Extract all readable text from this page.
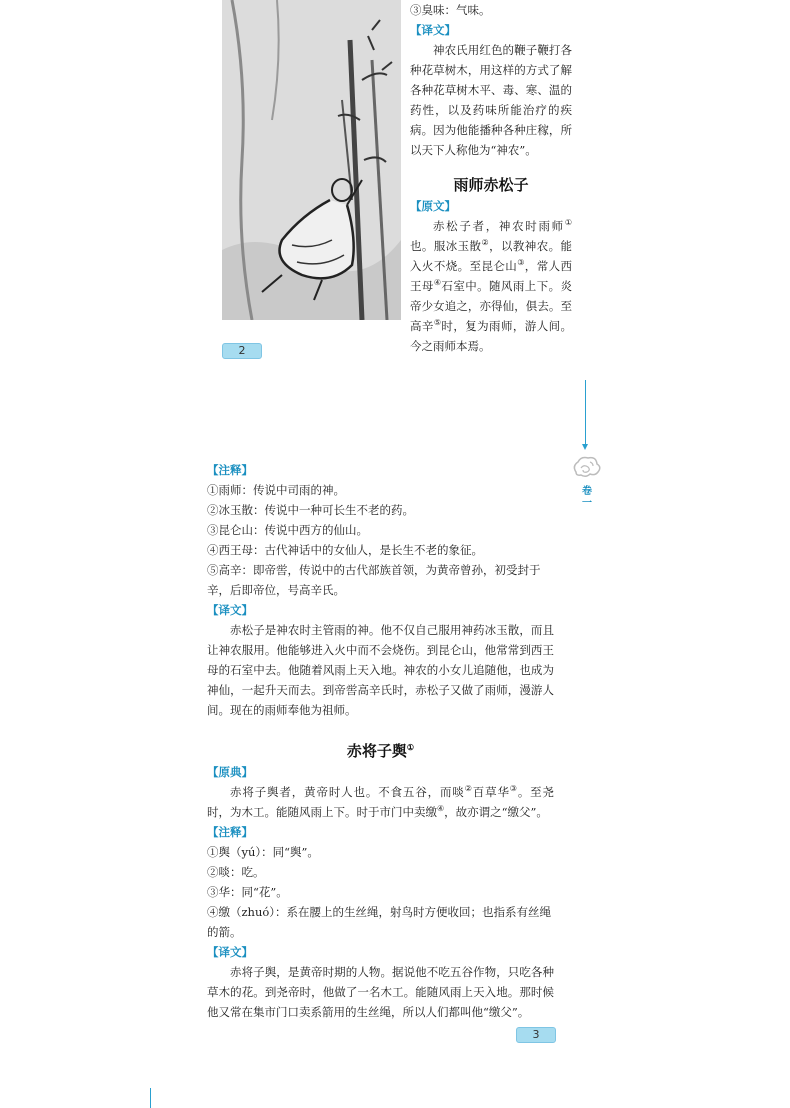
③臭味：气味。

【译文】

神农氏用红色的鞭子鞭打各种花草树木，用这样的方式了解各种花草树木平、毒、寒、温的药性，以及药味所能治疗的疾病。因为他能播种各种庄稼，所以天下人称他为“神农”。

雨师赤松子

【原文】

赤松子者，神农时雨师①也。服冰玉散②，以教神农。能入火不烧。至昆仑山③，常人西王母④石室中。随风雨上下。炎帝少女追之，亦得仙，俱去。至高辛⑤时，复为雨师，游人间。今之雨师本焉。

2
卷一
【注释】

①雨师：传说中司雨的神。

②冰玉散：传说中一种可长生不老的药。

③昆仑山：传说中西方的仙山。

④西王母：古代神话中的女仙人，是长生不老的象征。

⑤高辛：即帝喾，传说中的古代部族首领，为黄帝曾孙，初受封于辛，后即帝位，号高辛氏。

【译文】

赤松子是神农时主管雨的神。他不仅自己服用神药冰玉散，而且让神农服用。他能够进入火中而不会烧伤。到昆仑山，他常常到西王母的石室中去。他随着风雨上天入地。神农的小女儿追随他，也成为神仙，一起升天而去。到帝喾高辛氏时，赤松子又做了雨师，漫游人间。现在的雨师奉他为祖师。

赤将子舆①

【原典】

赤将子舆者，黄帝时人也。不食五谷，而啖②百草华③。至尧时，为木工。能随风雨上下。时于市门中卖缴④，故亦谓之“缴父”。

【注释】

①舆（yú）：同“舆”。

②啖：吃。

③华：同“花”。

④缴（zhuó）：系在腰上的生丝绳，射鸟时方便收回；也指系有丝绳的箭。

【译文】

赤将子舆，是黄帝时期的人物。据说他不吃五谷作物，只吃各种草木的花。到尧帝时，他做了一名木工。能随风雨上天入地。那时候他又常在集市门口卖系箭用的生丝绳，所以人们都叫他“缴父”。

3
